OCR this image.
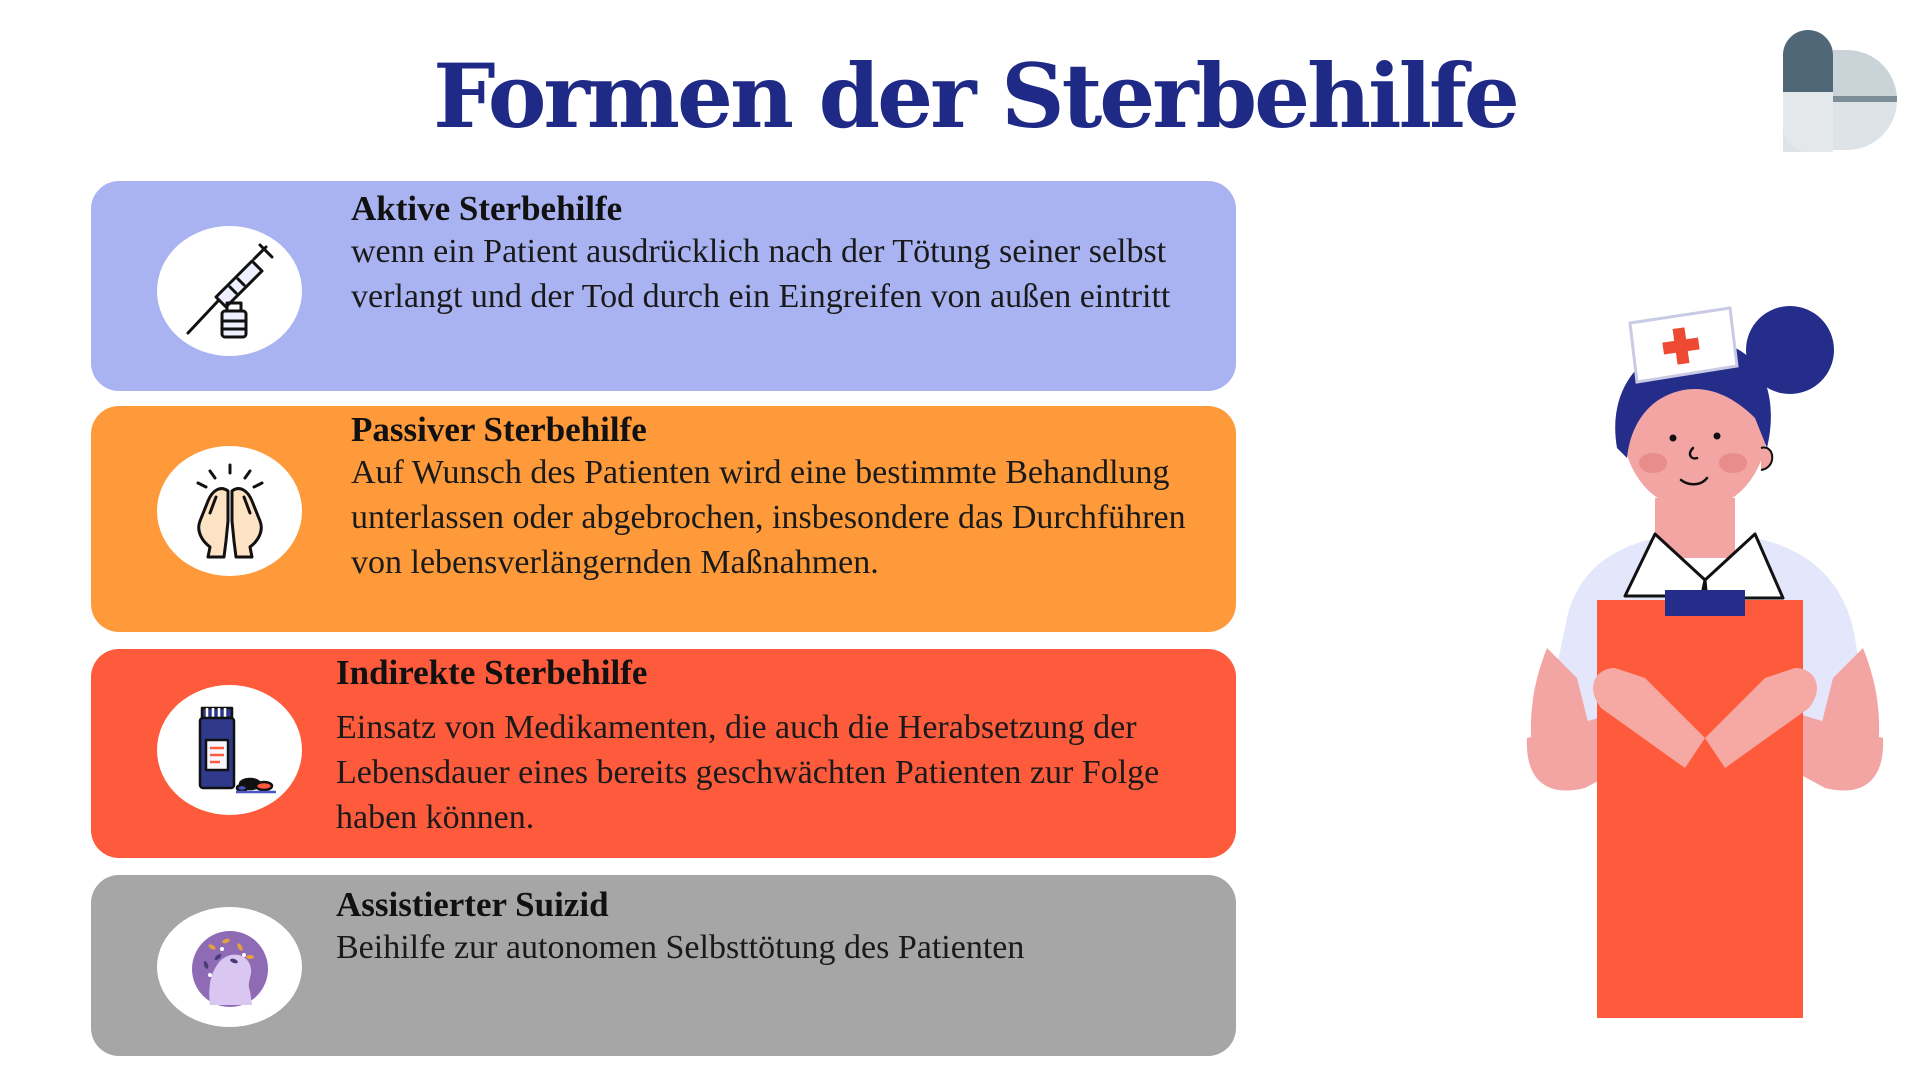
Formen der Sterbehilfe
Aktive Sterbehilfe

wenn ein Patient ausdrücklich nach der Tötung seiner selbst verlangt und der Tod durch ein Eingreifen von außen eintritt

Passiver Sterbehilfe

Auf Wunsch des Patienten wird eine bestimmte Behandlung unterlassen oder abgebrochen, insbesondere das Durchführen von lebensverlängernden Maßnahmen.

Indirekte Sterbehilfe

Einsatz von Medikamenten, die auch die Herabsetzung der Lebensdauer eines bereits geschwächten Patienten zur Folge haben können.

Assistierter Suizid

Beihilfe zur autonomen Selbsttötung des Patienten
